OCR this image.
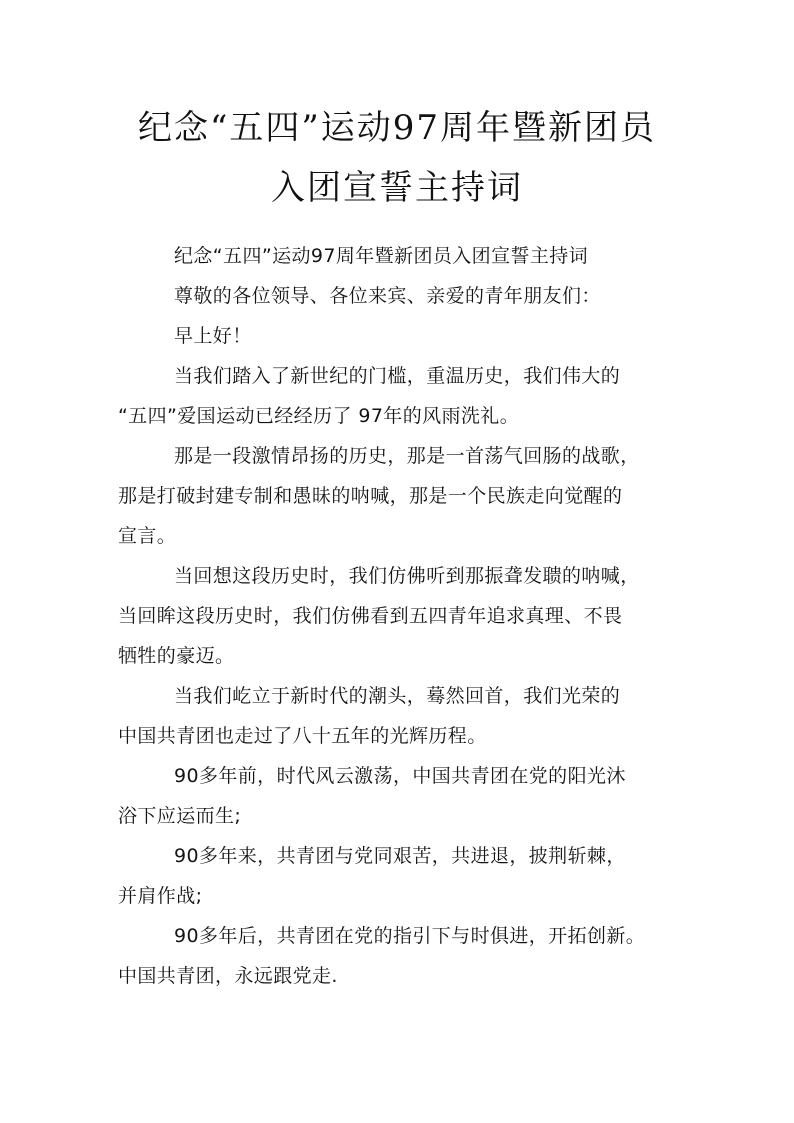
纪念“五四”运动97周年暨新团员
入团宣誓主持词
纪念“五四”运动97周年暨新团员入团宣誓主持词
尊敬的各位领导、各位来宾、亲爱的青年朋友们：
早上好！
当我们踏入了新世纪的门槛，重温历史，我们伟大的
“五四”爱国运动已经经历了 97年的风雨洗礼。
那是一段激情昂扬的历史，那是一首荡气回肠的战歌，
那是打破封建专制和愚昧的呐喊，那是一个民族走向觉醒的
宣言。
当回想这段历史时，我们仿佛听到那振聋发聩的呐喊，
当回眸这段历史时，我们仿佛看到五四青年追求真理、不畏
牺牲的豪迈。
当我们屹立于新时代的潮头，蓦然回首，我们光荣的
中国共青团也走过了八十五年的光辉历程。
90多年前，时代风云激荡，中国共青团在党的阳光沐
浴下应运而生;
90多年来，共青团与党同艰苦，共进退，披荆斩棘，
并肩作战;
90多年后，共青团在党的指引下与时俱进，开拓创新。
中国共青团，永远跟党走.
